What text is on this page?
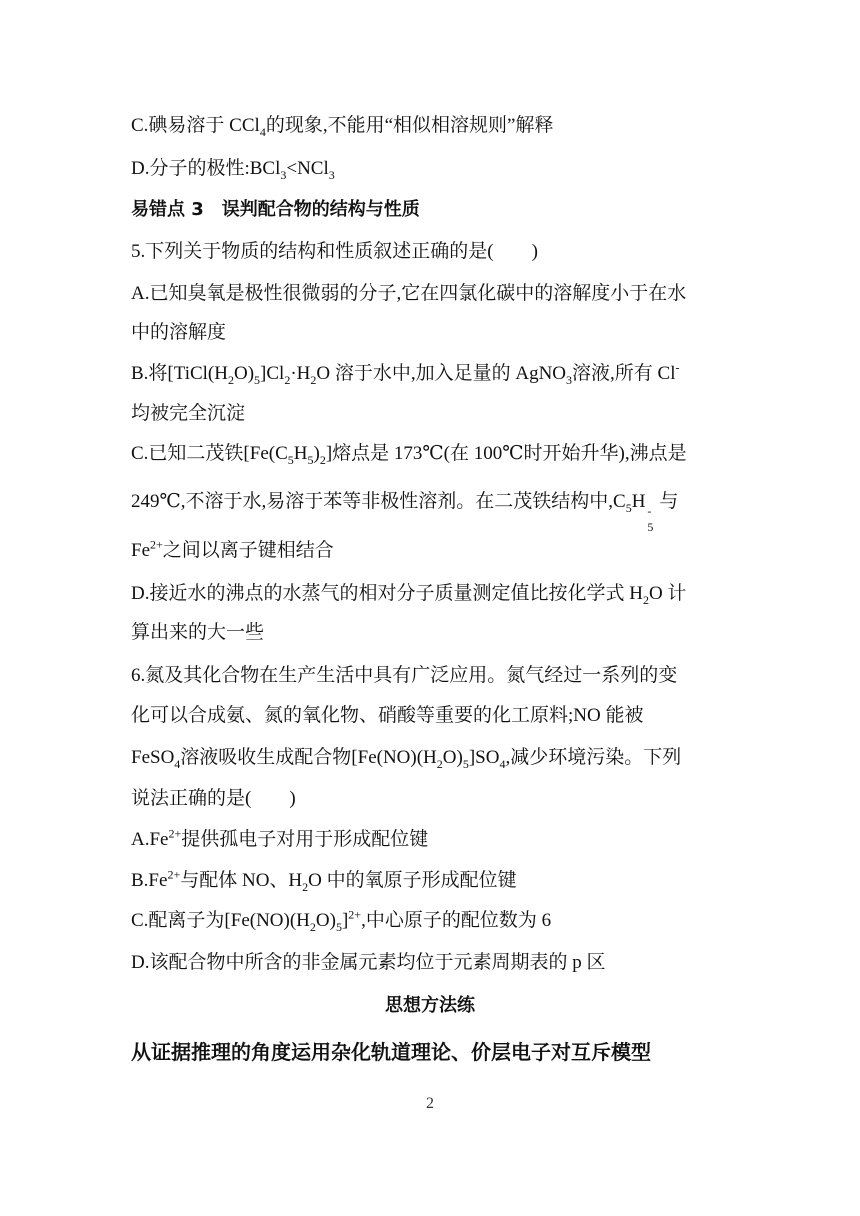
C.碘易溶于 CCl$_4$的现象,不能用“相似相溶规则”解释
D.分子的极性:BCl$_3$<NCl$_3$
易错点 3　误判配合物的结构与性质
5.下列关于物质的结构和性质叙述正确的是(　　)
A.已知臭氧是极性很微弱的分子,它在四氯化碳中的溶解度小于在水
中的溶解度
B.将$[TiCl(H_2O)_5]Cl_2\cdot H_2O$ 溶于水中,加入足量的 AgNO$_3$溶液,所有 Cl-
均被完全沉淀
C.已知二茂铁$[Fe(C_5H_5)_2]$熔点是 173℃(在 100℃时开始升华),沸点是
249℃,不溶于水,易溶于苯等非极性溶剂。在二茂铁结构中$,C_5H$ -
5
与
$Fe^{2+}$之间以离子键相结合
D.接近水的沸点的水蒸气的相对分子质量测定值比按化学式 $H_2O$ 计
算出来的大一些
6.氮及其化合物在生产生活中具有广泛应用。氮气经过一系列的变
化可以合成氨、氮的氧化物、硝酸等重要的化工原料;NO 能被
FeSO$_4$溶液吸收生成配合物$[Fe(NO)(H_2O)_5]SO_4$,减少环境污染。下列
说法正确的是(　　)
$A.Fe^{2+}$提供孤电子对用于形成配位键
$B.Fe^{2+}$与配体 NO、$H_2O$ 中的氧原子形成配位键
C.配离子为$[Fe(NO)(H_2O)_5]^{2+}$,中心原子的配位数为 6
D.该配合物中所含的非金属元素均位于元素周期表的 p 区
思想方法练
从证据推理的角度运用杂化轨道理论、价层电子对互斥模型
2
